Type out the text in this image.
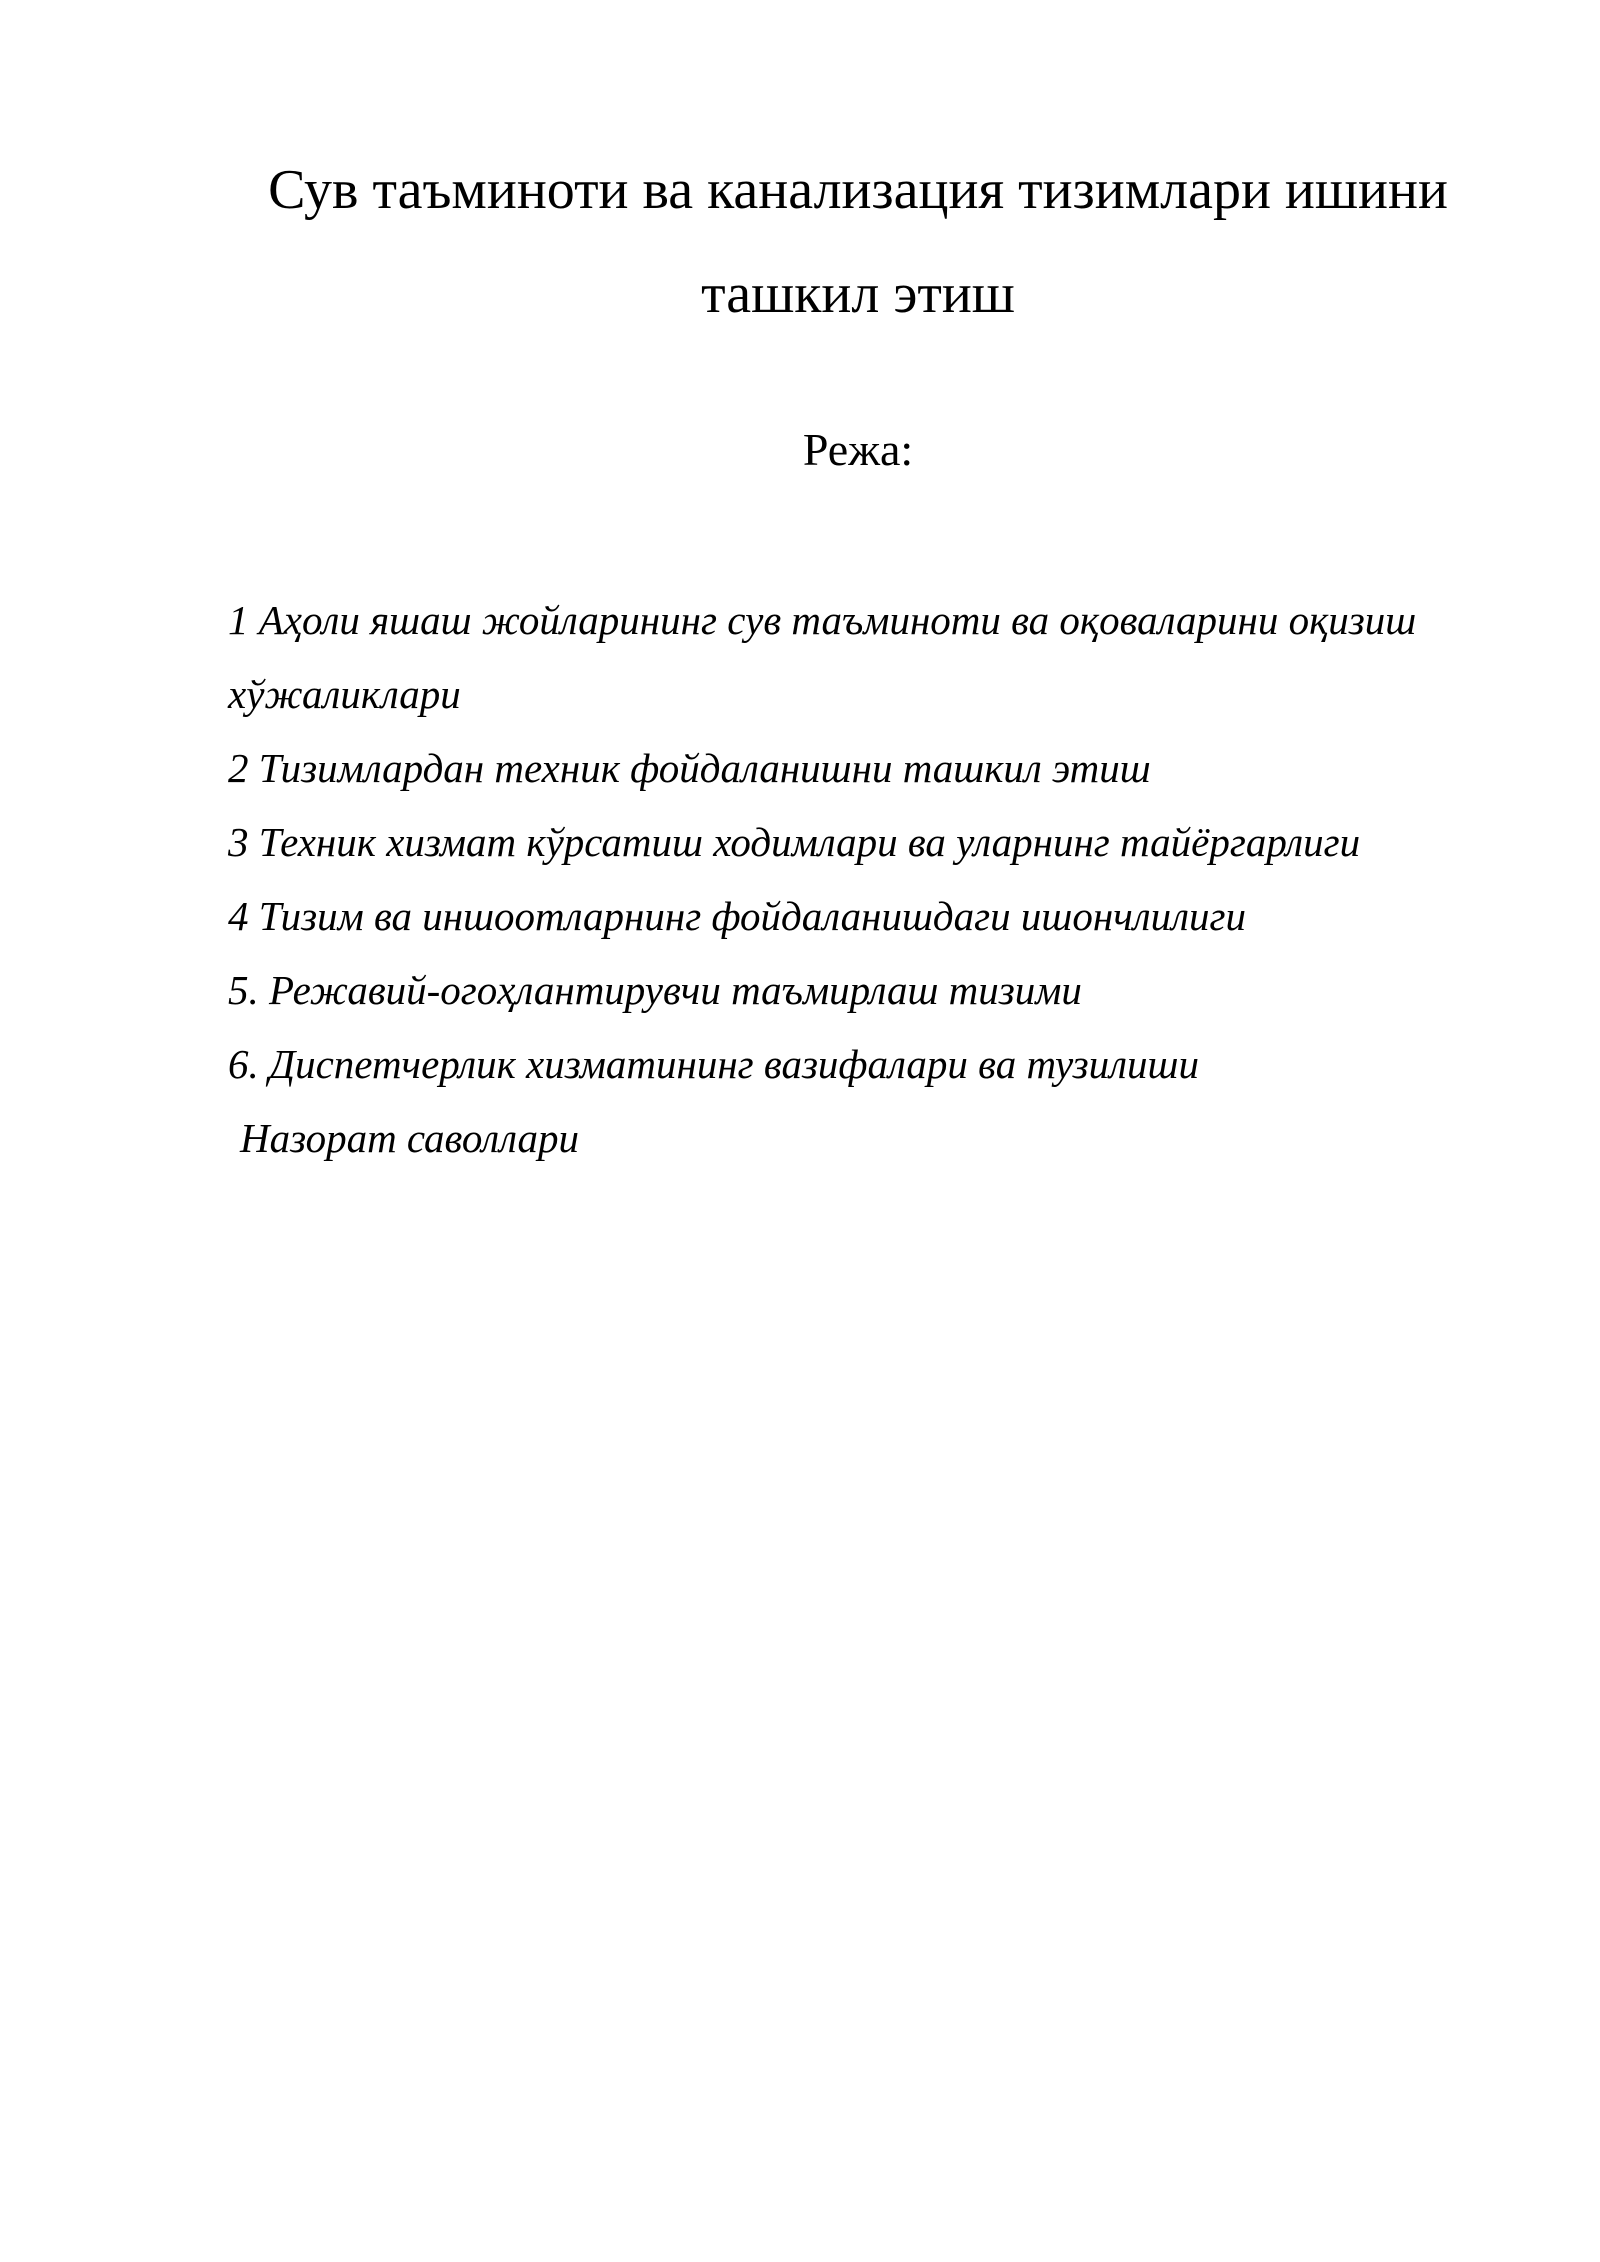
Сув таъминоти ва канализация тизимлари ишини
ташкил этиш
Режа:
1 Аҳоли яшаш жойларининг сув таъминоти ва оқоваларини оқизиш
хўжаликлари
2 Тизимлардан техник фойдаланишни ташкил этиш
3 Техник хизмат кўрсатиш ходимлари ва уларнинг тайёргарлиги
4 Тизим ва иншоотларнинг фойдаланишдаги ишончлилиги
5. Режавий-огоҳлантирувчи таъмирлаш тизими
6. Диспетчерлик хизматининг вазифалари ва тузилиши
Назорат саволлари
